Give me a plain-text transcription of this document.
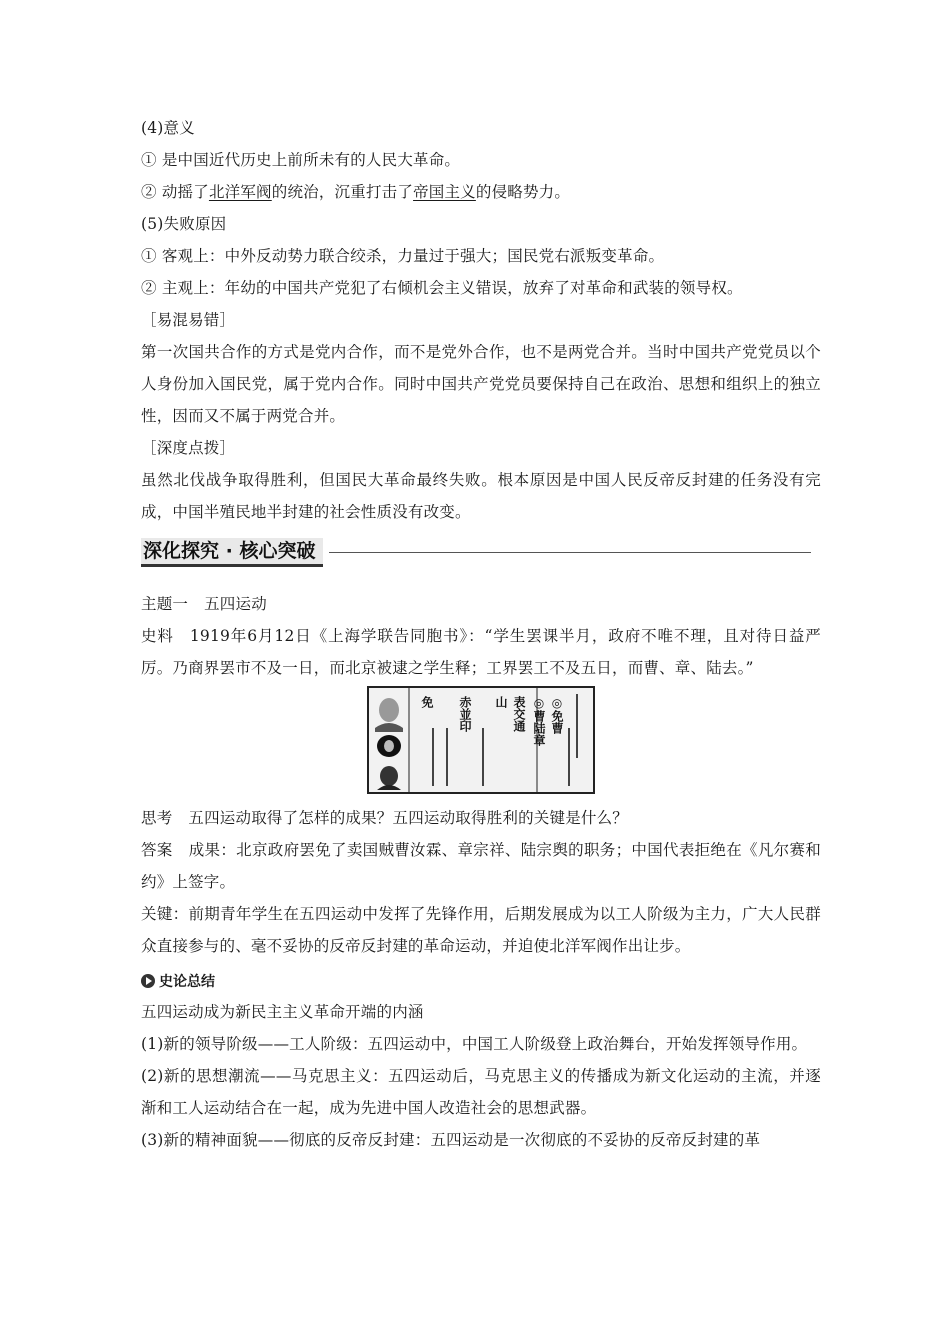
(4)意义
① 是中国近代历史上前所未有的人民大革命。
② 动摇了北洋军阀的统治，沉重打击了帝国主义的侵略势力。
(5)失败原因
① 客观上：中外反动势力联合绞杀，力量过于强大；国民党右派叛变革命。
② 主观上：年幼的中国共产党犯了右倾机会主义错误，放弃了对革命和武装的领导权。
［易混易错］
第一次国共合作的方式是党内合作，而不是党外合作，也不是两党合并。当时中国共产党党员以个人身份加入国民党，属于党内合作。同时中国共产党党员要保持自己在政治、思想和组织上的独立性，因而又不属于两党合并。
［深度点拨］
虽然北伐战争取得胜利，但国民大革命最终失败。根本原因是中国人民反帝反封建的任务没有完成，中国半殖民地半封建的社会性质没有改变。
深化探究 · 核心突破
主题一 五四运动
史料 1919年6月12日《上海学联告同胞书》：“学生罢课半月，政府不唯不理，且对待日益严厉。乃商界罢市不及一日，而北京被逮之学生释；工界罢工不及五日，而曹、章、陆去。”
◎免曹
◎曹陆章
表交通
山
赤並印
免
思考 五四运动取得了怎样的成果？五四运动取得胜利的关键是什么？
答案 成果：北京政府罢免了卖国贼曹汝霖、章宗祥、陆宗舆的职务；中国代表拒绝在《凡尔赛和约》上签字。
关键：前期青年学生在五四运动中发挥了先锋作用，后期发展成为以工人阶级为主力，广大人民群众直接参与的、毫不妥协的反帝反封建的革命运动，并迫使北洋军阀作出让步。
史论总结
五四运动成为新民主主义革命开端的内涵
(1)新的领导阶级——工人阶级：五四运动中，中国工人阶级登上政治舞台，开始发挥领导作用。
(2)新的思想潮流——马克思主义：五四运动后，马克思主义的传播成为新文化运动的主流，并逐渐和工人运动结合在一起，成为先进中国人改造社会的思想武器。
(3)新的精神面貌——彻底的反帝反封建：五四运动是一次彻底的不妥协的反帝反封建的革
